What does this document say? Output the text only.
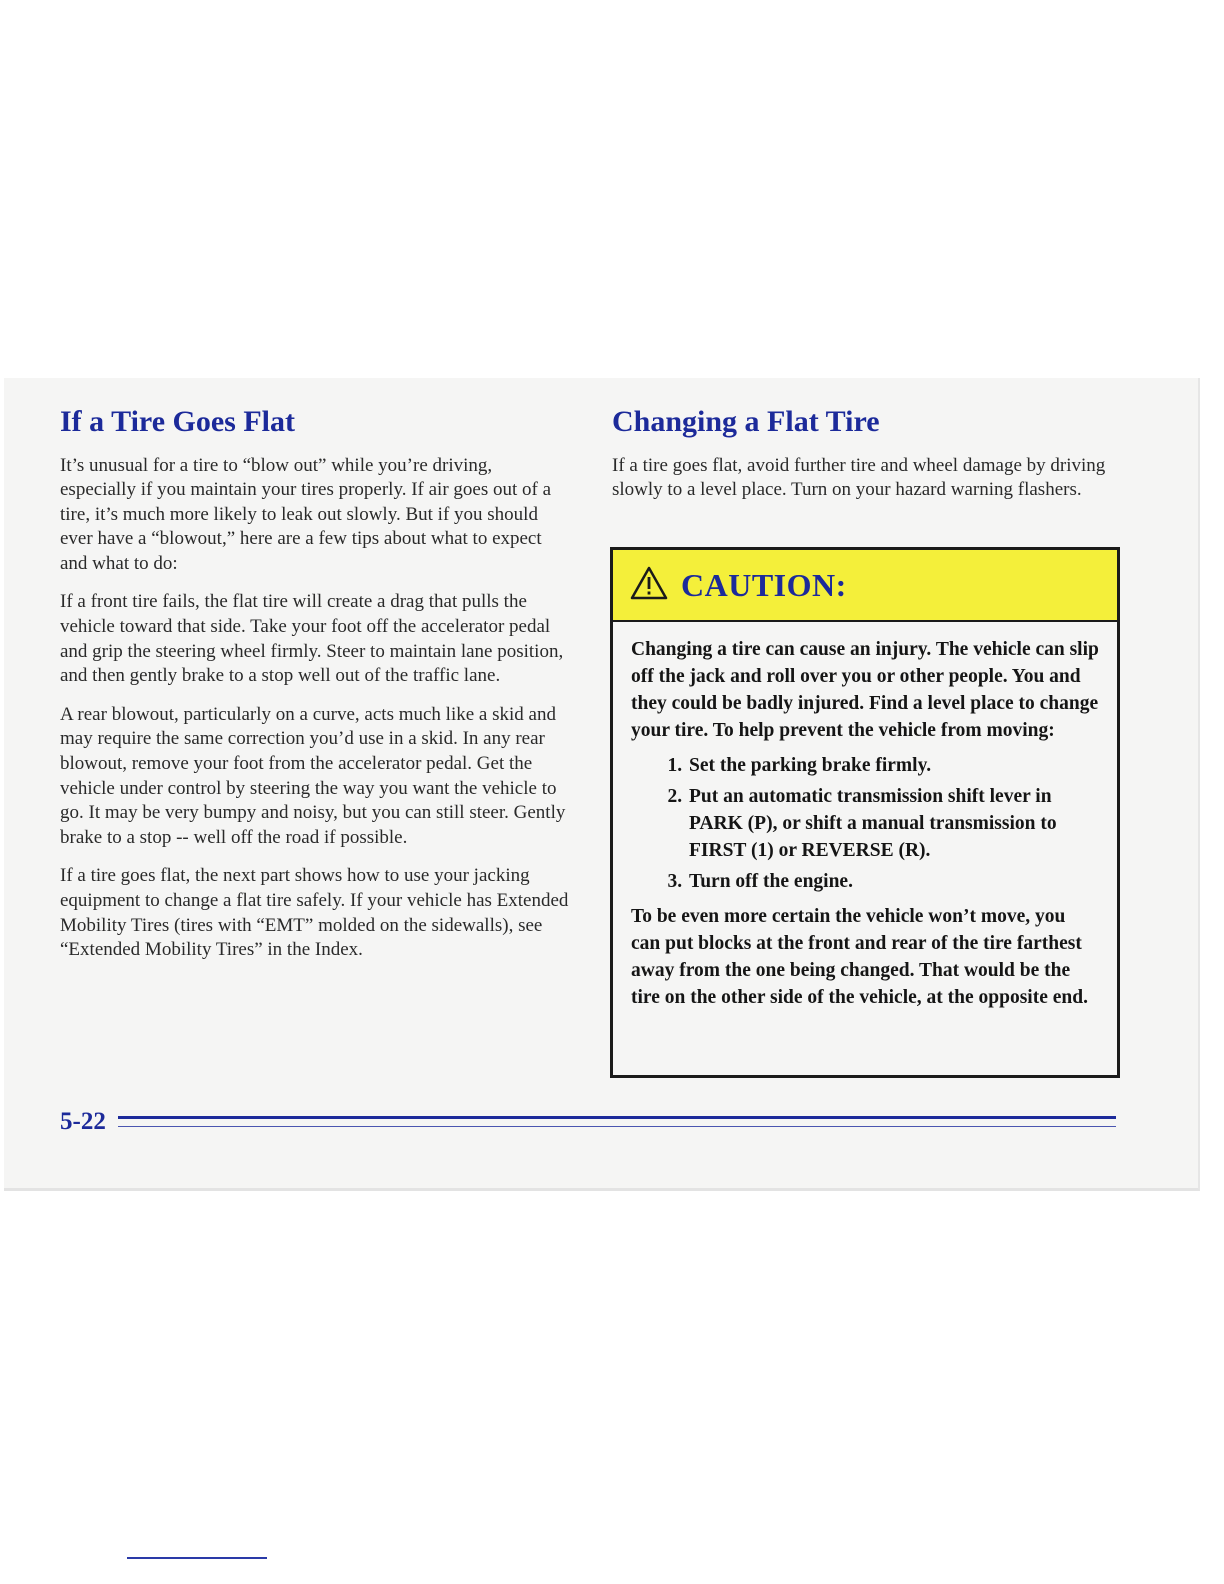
If a Tire Goes Flat

It’s unusual for a tire to “blow out” while you’re driving, especially if you maintain your tires properly. If air goes out of a tire, it’s much more likely to leak out slowly. But if you should ever have a “blowout,” here are a few tips about what to expect and what to do:

If a front tire fails, the flat tire will create a drag that pulls the vehicle toward that side. Take your foot off the accelerator pedal and grip the steering wheel firmly. Steer to maintain lane position, and then gently brake to a stop well out of the traffic lane.

A rear blowout, particularly on a curve, acts much like a skid and may require the same correction you’d use in a skid. In any rear blowout, remove your foot from the accelerator pedal. Get the vehicle under control by steering the way you want the vehicle to go. It may be very bumpy and noisy, but you can still steer. Gently brake to a stop -- well off the road if possible.

If a tire goes flat, the next part shows how to use your jacking equipment to change a flat tire safely. If your vehicle has Extended Mobility Tires (tires with “EMT” molded on the sidewalls), see “Extended Mobility Tires” in the Index.

Changing a Flat Tire

If a tire goes flat, avoid further tire and wheel damage by driving slowly to a level place. Turn on your hazard warning flashers.

CAUTION:

Changing a tire can cause an injury. The vehicle can slip off the jack and roll over you or other people. You and they could be badly injured. Find a level place to change your tire. To help prevent the vehicle from moving:

1. Set the parking brake firmly.
2. Put an automatic transmission shift lever in PARK (P), or shift a manual transmission to FIRST (1) or REVERSE (R).
3. Turn off the engine.

To be even more certain the vehicle won’t move, you can put blocks at the front and rear of the tire farthest away from the one being changed. That would be the tire on the other side of the vehicle, at the opposite end.

5-22
